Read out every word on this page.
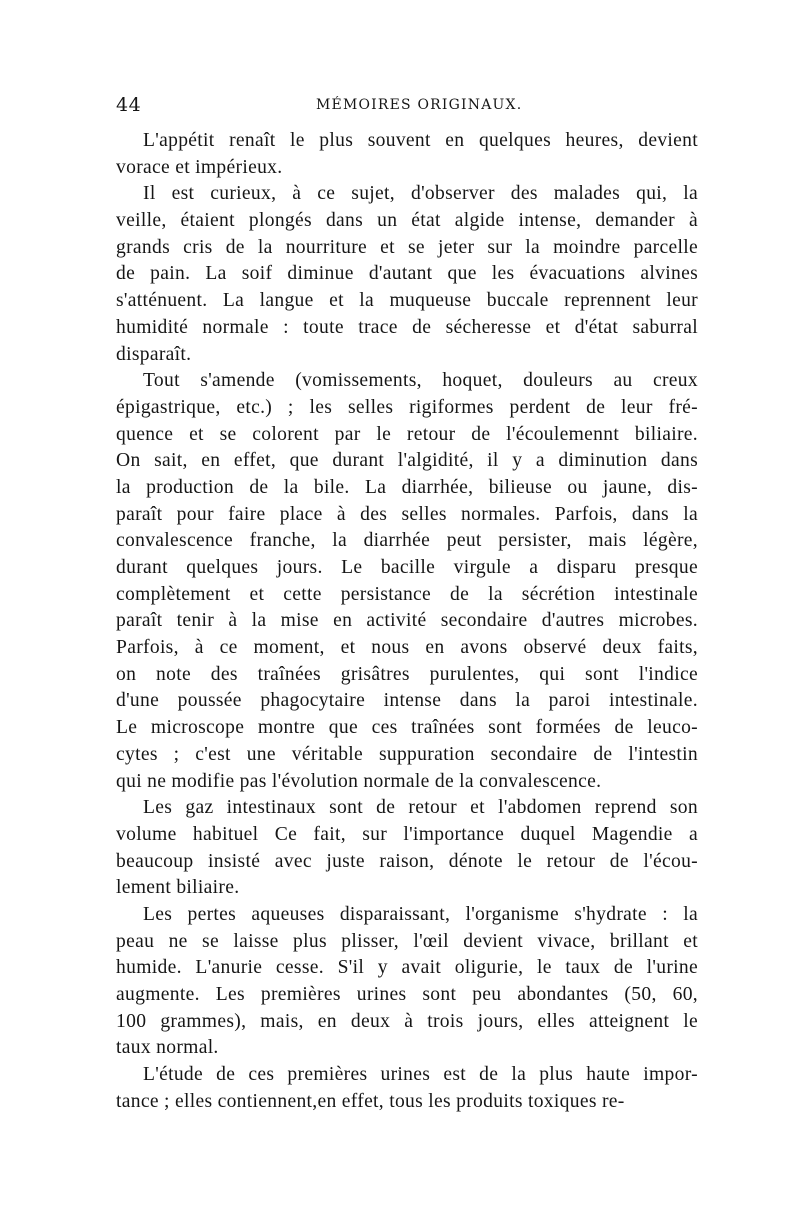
44	MÉMOIRES ORIGINAUX.
L'appétit renaît le plus souvent en quelques heures, devient
vorace et impérieux.
Il est curieux, à ce sujet, d'observer des malades qui, la
veille, étaient plongés dans un état algide intense, demander à
grands cris de la nourriture et se jeter sur la moindre parcelle
de pain. La soif diminue d'autant que les évacuations alvines
s'atténuent. La langue et la muqueuse buccale reprennent leur
humidité normale : toute trace de sécheresse et d'état saburral
disparaît.
Tout s'amende (vomissements, hoquet, douleurs au creux
épigastrique, etc.) ; les selles rigiformes perdent de leur fré-
quence et se colorent par le retour de l'écoulemennt biliaire.
On sait, en effet, que durant l'algidité, il y a diminution dans
la production de la bile. La diarrhée, bilieuse ou jaune, dis-
paraît pour faire place à des selles normales. Parfois, dans la
convalescence franche, la diarrhée peut persister, mais légère,
durant quelques jours. Le bacille virgule a disparu presque
complètement et cette persistance de la sécrétion intestinale
paraît tenir à la mise en activité secondaire d'autres microbes.
Parfois, à ce moment, et nous en avons observé deux faits,
on note des traînées grisâtres purulentes, qui sont l'indice
d'une poussée phagocytaire intense dans la paroi intestinale.
Le microscope montre que ces traînées sont formées de leuco-
cytes ; c'est une véritable suppuration secondaire de l'intestin
qui ne modifie pas l'évolution normale de la convalescence.
Les gaz intestinaux sont de retour et l'abdomen reprend son
volume habituel Ce fait, sur l'importance duquel Magendie a
beaucoup insisté avec juste raison, dénote le retour de l'écou-
lement biliaire.
Les pertes aqueuses disparaissant, l'organisme s'hydrate : la
peau ne se laisse plus plisser, l'œil devient vivace, brillant et
humide. L'anurie cesse. S'il y avait oligurie, le taux de l'urine
augmente. Les premières urines sont peu abondantes (50, 60,
100 grammes), mais, en deux à trois jours, elles atteignent le
taux normal.
L'étude de ces premières urines est de la plus haute impor-
tance ; elles contiennent,en effet, tous les produits toxiques re-
